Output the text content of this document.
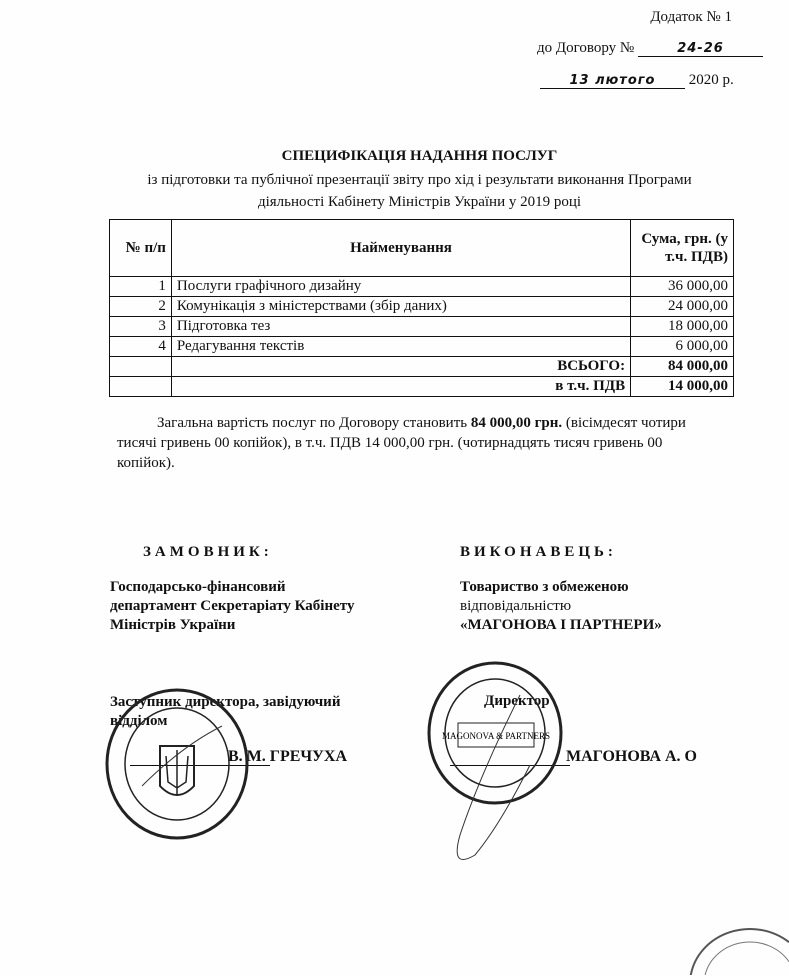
Додаток № 1
до Договору №	24-26
13 лютого 2020 р.
СПЕЦИФІКАЦІЯ НАДАННЯ ПОСЛУГ
із підготовки та публічної презентації звіту про хід і результати виконання Програми
діяльності Кабінету Міністрів України у 2019 році
№ п/п	Найменування	Сума, грн. (у т.ч. ПДВ)
1	Послуги графічного дизайну	36 000,00
2	Комунікація з міністерствами (збір даних)	24 000,00
3	Підготовка тез	18 000,00
4	Редагування текстів	6 000,00
	ВСЬОГО:	84 000,00
	в т.ч. ПДВ	14 000,00
Загальна вартість послуг по Договору становить 84 000,00 грн. (вісімдесят чотири тисячі гривень 00 копійок), в т.ч. ПДВ 14 000,00 грн. (чотирнадцять тисяч гривень 00 копійок).
ЗАМОВНИК:	ВИКОНАВЕЦЬ:
Господарсько-фінансовий
департамент Секретаріату Кабінету
Міністрів України
Товариство з обмеженою
відповідальністю
«МАГОНОВА І ПАРТНЕРИ»
Заступник директора, завідуючий
відділом
Директор
В. М. ГРЕЧУХА	МАГОНОВА А. О
MAGONOVA & PARTNERS
